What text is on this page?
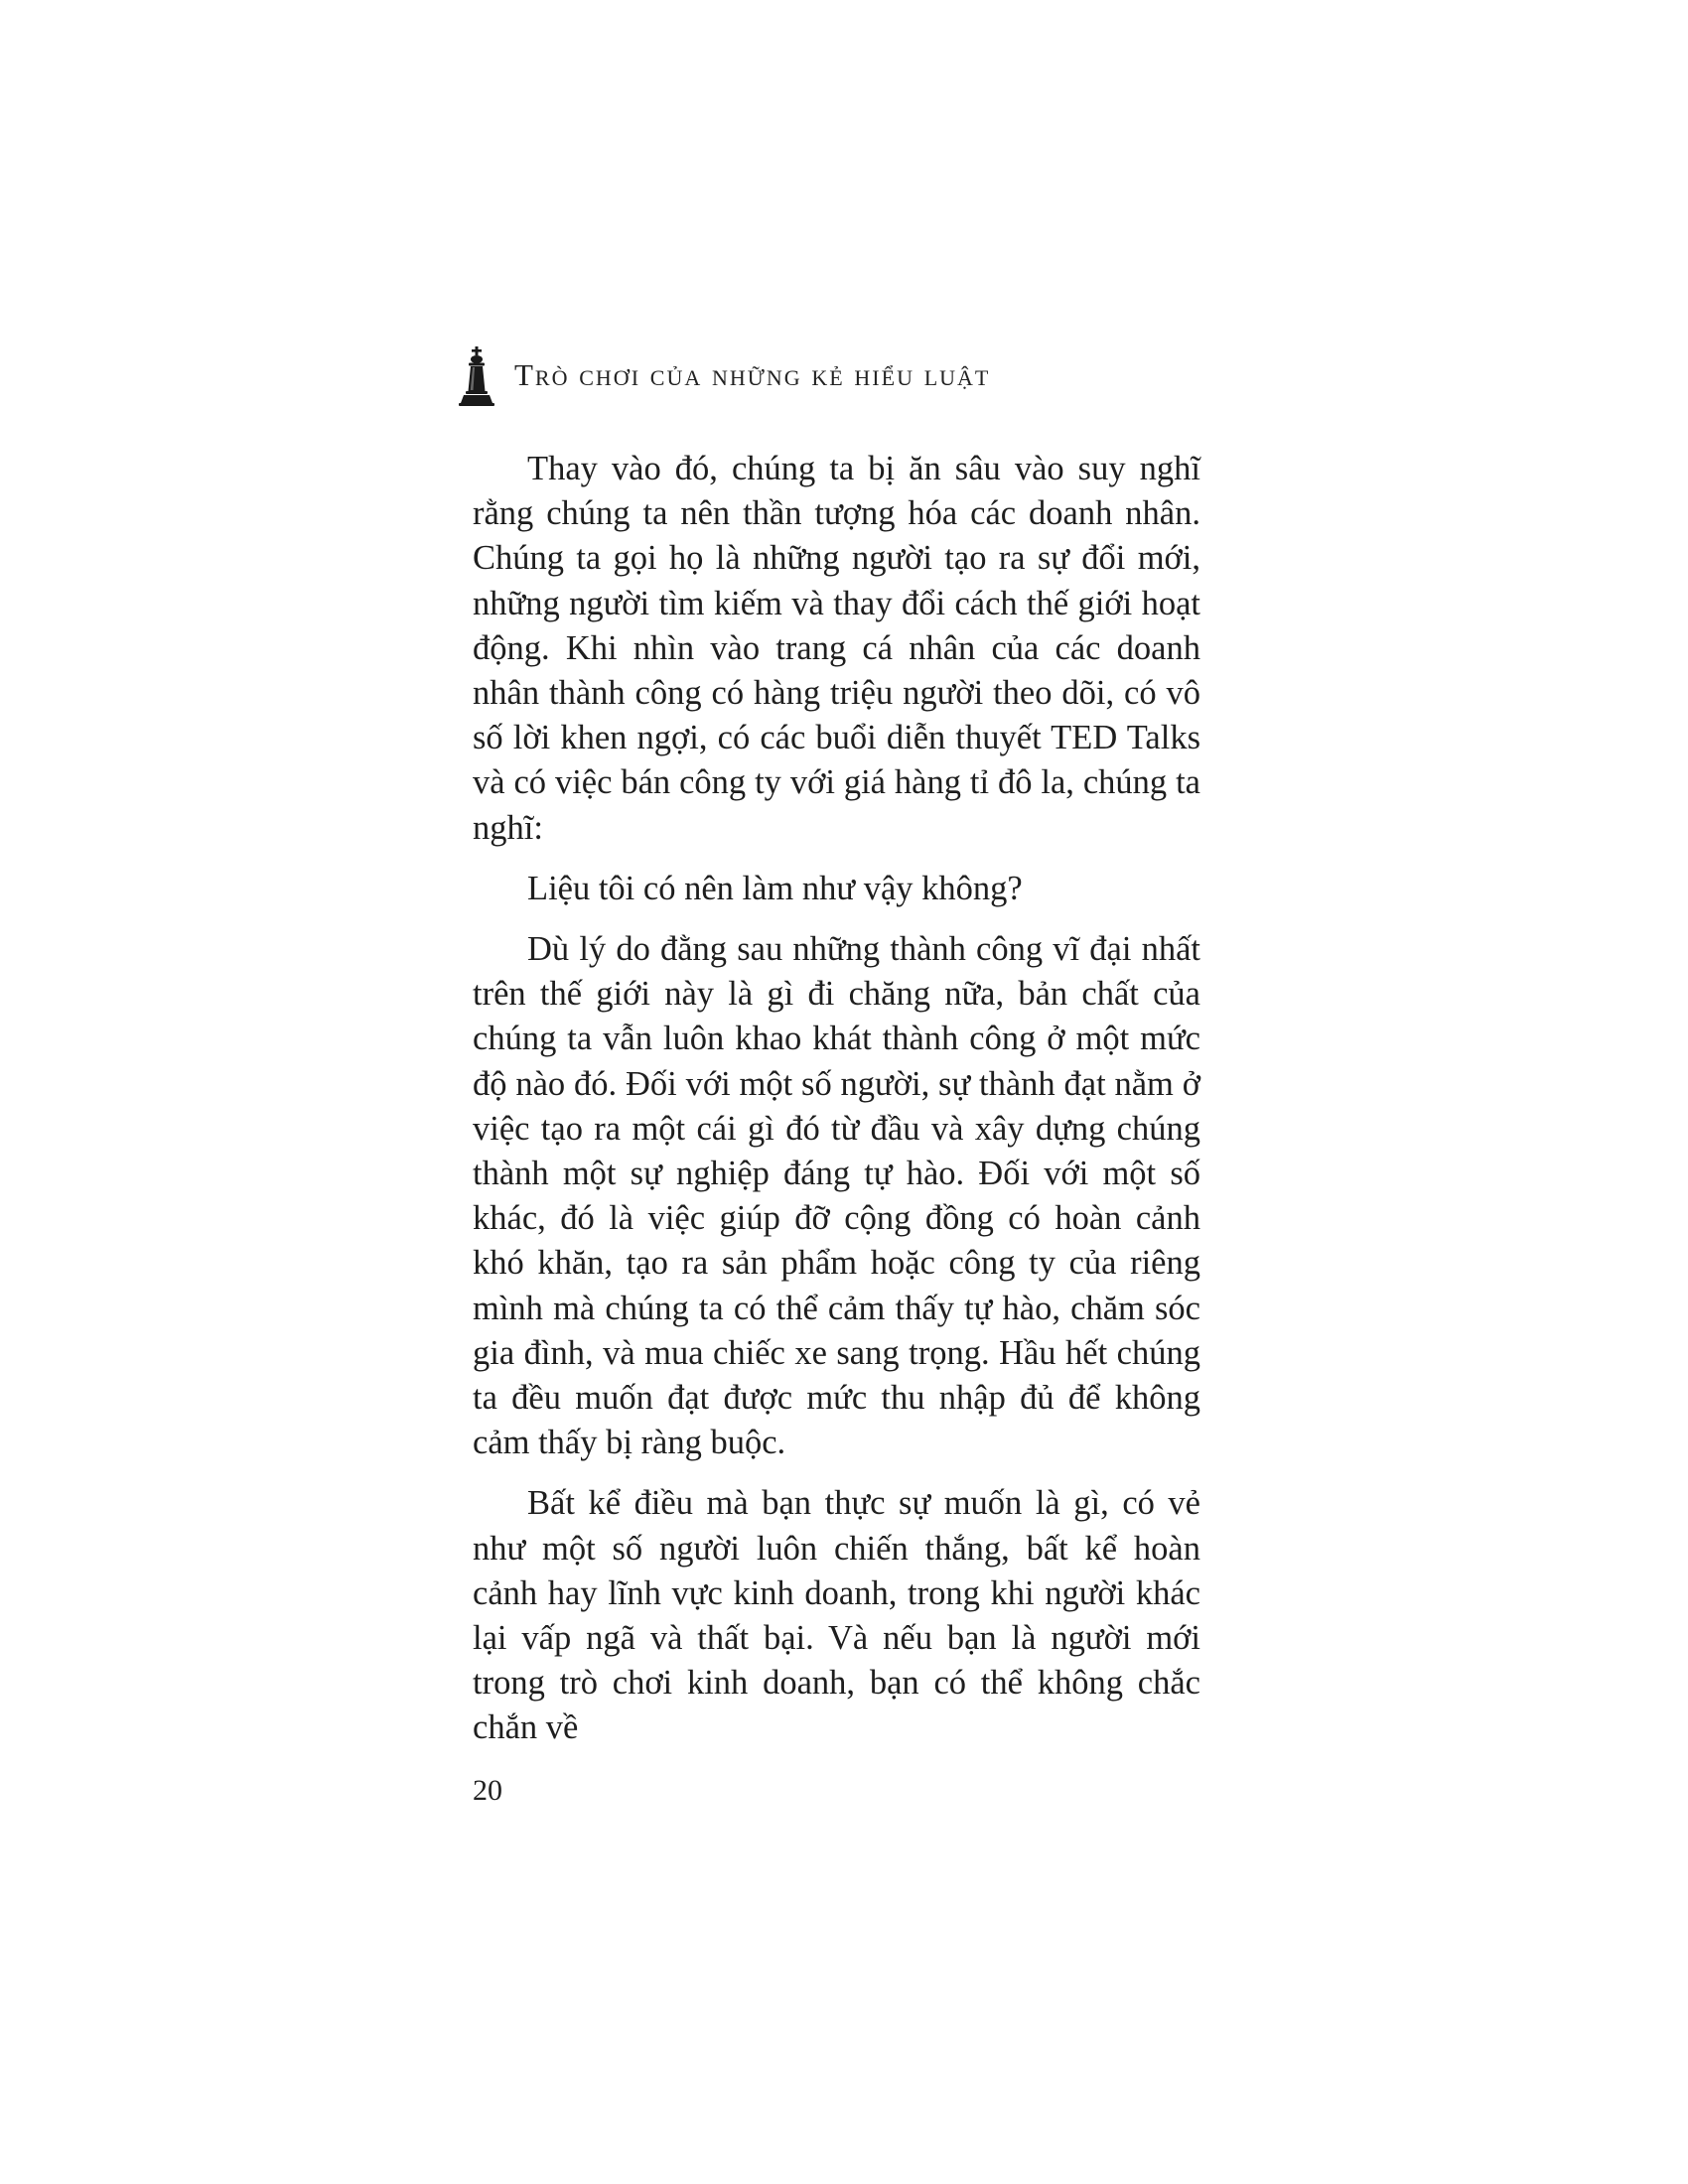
Trò chơi của những kẻ hiểu luật

Thay vào đó, chúng ta bị ăn sâu vào suy nghĩ rằng chúng ta nên thần tượng hóa các doanh nhân. Chúng ta gọi họ là những người tạo ra sự đổi mới, những người tìm kiếm và thay đổi cách thế giới hoạt động. Khi nhìn vào trang cá nhân của các doanh nhân thành công có hàng triệu người theo dõi, có vô số lời khen ngợi, có các buổi diễn thuyết TED Talks và có việc bán công ty với giá hàng tỉ đô la, chúng ta nghĩ:

Liệu tôi có nên làm như vậy không?

Dù lý do đằng sau những thành công vĩ đại nhất trên thế giới này là gì đi chăng nữa, bản chất của chúng ta vẫn luôn khao khát thành công ở một mức độ nào đó. Đối với một số người, sự thành đạt nằm ở việc tạo ra một cái gì đó từ đầu và xây dựng chúng thành một sự nghiệp đáng tự hào. Đối với một số khác, đó là việc giúp đỡ cộng đồng có hoàn cảnh khó khăn, tạo ra sản phẩm hoặc công ty của riêng mình mà chúng ta có thể cảm thấy tự hào, chăm sóc gia đình, và mua chiếc xe sang trọng. Hầu hết chúng ta đều muốn đạt được mức thu nhập đủ để không cảm thấy bị ràng buộc.

Bất kể điều mà bạn thực sự muốn là gì, có vẻ như một số người luôn chiến thắng, bất kể hoàn cảnh hay lĩnh vực kinh doanh, trong khi người khác lại vấp ngã và thất bại. Và nếu bạn là người mới trong trò chơi kinh doanh, bạn có thể không chắc chắn về

20
